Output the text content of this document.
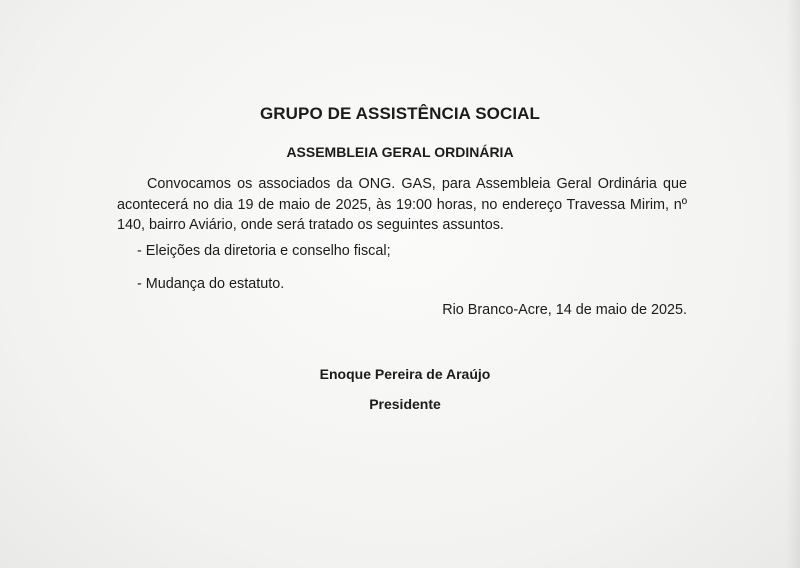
GRUPO DE ASSISTÊNCIA SOCIAL
ASSEMBLEIA GERAL ORDINÁRIA
Convocamos os associados da ONG. GAS, para Assembleia Geral Ordinária que acontecerá no dia 19 de maio de 2025, às 19:00 horas, no endereço Travessa Mirim, nº 140, bairro Aviário, onde será tratado os seguintes assuntos.
- Eleições da diretoria e conselho fiscal;
- Mudança do estatuto.
Rio Branco-Acre, 14 de maio de 2025.
Enoque Pereira de Araújo
Presidente
